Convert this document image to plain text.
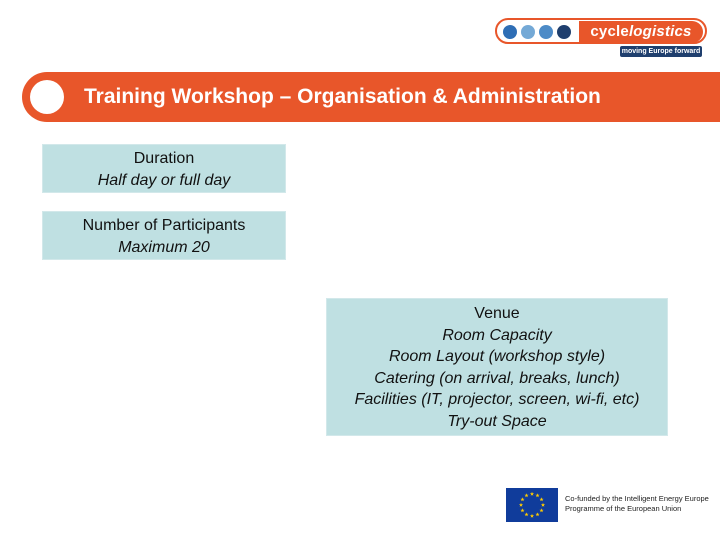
cyclelogistics
moving Europe forward
Training Workshop – Organisation & Administration
Duration
Half day or full day
Number of Participants
Maximum 20
Venue
Room Capacity
Room Layout (workshop style)
Catering (on arrival, breaks, lunch)
Facilities (IT, projector, screen, wi-fi, etc)
Try-out Space
Co-funded by the Intelligent Energy Europe
Programme of the European Union
